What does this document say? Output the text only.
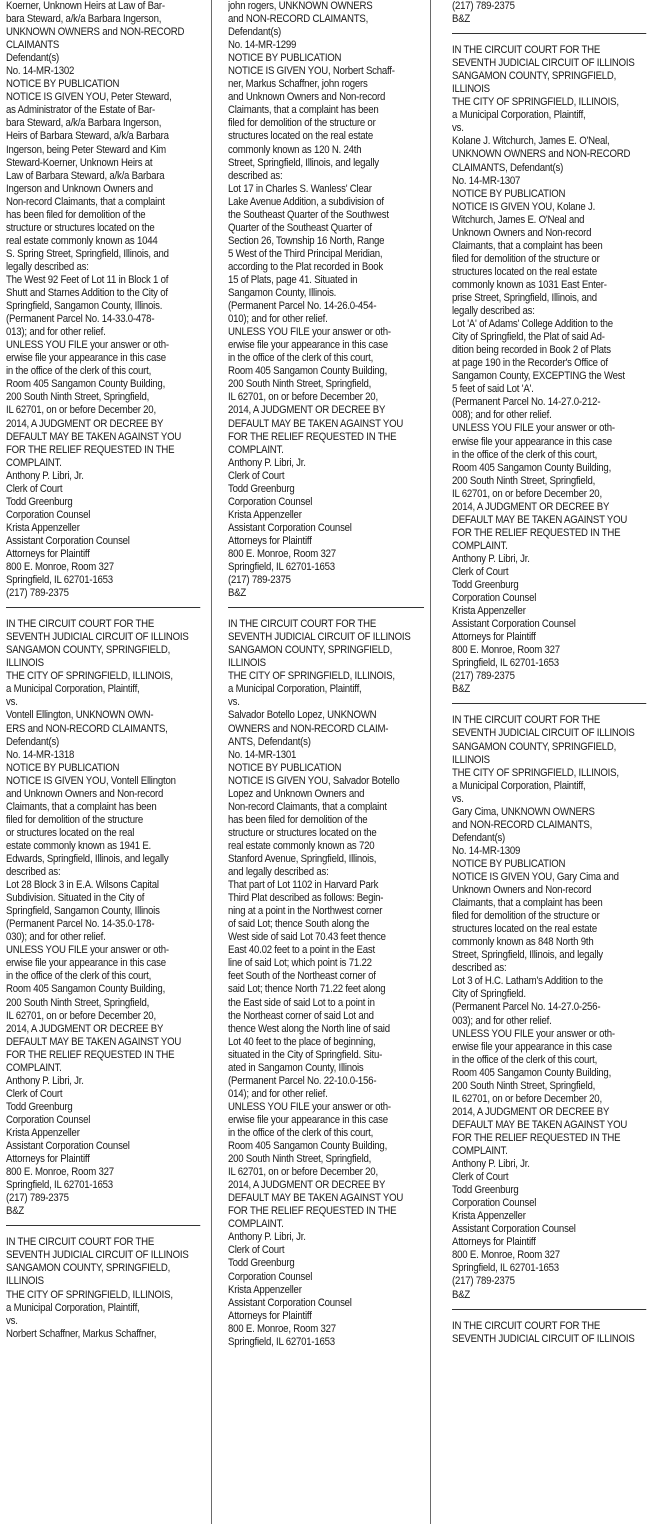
Koerner, Unknown Heirs at Law of Bar-
bara Steward, a/k/a Barbara Ingerson,
UNKNOWN OWNERS and NON-RECORD
CLAIMANTS
Defendant(s)
No. 14-MR-1302
NOTICE BY PUBLICATION
NOTICE IS GIVEN YOU, Peter Steward,
as Administrator of the Estate of Bar-
bara Steward, a/k/a Barbara Ingerson,
Heirs of Barbara Steward, a/k/a Barbara
Ingerson, being Peter Steward and Kim
Steward-Koerner, Unknown Heirs at
Law of Barbara Steward, a/k/a Barbara
Ingerson and Unknown Owners and
Non-record Claimants, that a complaint
has been filed for demolition of the
structure or structures located on the
real estate commonly known as 1044
S. Spring Street, Springfield, Illinois, and
legally described as:
The West 92 Feet of Lot 11 in Block 1 of
Shutt and Starnes Addition to the City of
Springfield, Sangamon County, Illinois.
(Permanent Parcel No. 14-33.0-478-
013); and for other relief.
UNLESS YOU FILE your answer or oth-
erwise file your appearance in this case
in the office of the clerk of this court,
Room 405 Sangamon County Building,
200 South Ninth Street, Springfield,
IL 62701, on or before December 20,
2014, A JUDGMENT OR DECREE BY
DEFAULT MAY BE TAKEN AGAINST YOU
FOR THE RELIEF REQUESTED IN THE
COMPLAINT.
Anthony P. Libri, Jr.
Clerk of Court
Todd Greenburg
Corporation Counsel
Krista Appenzeller
Assistant Corporation Counsel
Attorneys for Plaintiff
800 E. Monroe, Room 327
Springfield, IL 62701-1653
(217) 789-2375
IN THE CIRCUIT COURT FOR THE
SEVENTH JUDICIAL CIRCUIT OF ILLINOIS
SANGAMON COUNTY, SPRINGFIELD,
ILLINOIS
THE CITY OF SPRINGFIELD, ILLINOIS,
a Municipal Corporation, Plaintiff,
vs.
Vontell Ellington, UNKNOWN OWN-
ERS and NON-RECORD CLAIMANTS,
Defendant(s)
No. 14-MR-1318
NOTICE BY PUBLICATION
NOTICE IS GIVEN YOU, Vontell Ellington
and Unknown Owners and Non-record
Claimants, that a complaint has been
filed for demolition of the structure
or structures located on the real
estate commonly known as 1941 E.
Edwards, Springfield, Illinois, and legally
described as:
Lot 28 Block 3 in E.A. Wilsons Capital
Subdivision. Situated in the City of
Springfield, Sangamon County, Illinois
(Permanent Parcel No. 14-35.0-178-
030); and for other relief.
UNLESS YOU FILE your answer or oth-
erwise file your appearance in this case
in the office of the clerk of this court,
Room 405 Sangamon County Building,
200 South Ninth Street, Springfield,
IL 62701, on or before December 20,
2014, A JUDGMENT OR DECREE BY
DEFAULT MAY BE TAKEN AGAINST YOU
FOR THE RELIEF REQUESTED IN THE
COMPLAINT.
Anthony P. Libri, Jr.
Clerk of Court
Todd Greenburg
Corporation Counsel
Krista Appenzeller
Assistant Corporation Counsel
Attorneys for Plaintiff
800 E. Monroe, Room 327
Springfield, IL 62701-1653
(217) 789-2375
B&Z
IN THE CIRCUIT COURT FOR THE
SEVENTH JUDICIAL CIRCUIT OF ILLINOIS
SANGAMON COUNTY, SPRINGFIELD,
ILLINOIS
THE CITY OF SPRINGFIELD, ILLINOIS,
a Municipal Corporation, Plaintiff,
vs.
Norbert Schaffner, Markus Schaffner,
john rogers, UNKNOWN OWNERS
and NON-RECORD CLAIMANTS,
Defendant(s)
No. 14-MR-1299
NOTICE BY PUBLICATION
NOTICE IS GIVEN YOU, Norbert Schaff-
ner, Markus Schaffner, john rogers
and Unknown Owners and Non-record
Claimants, that a complaint has been
filed for demolition of the structure or
structures located on the real estate
commonly known as 120 N. 24th
Street, Springfield, Illinois, and legally
described as:
Lot 17 in Charles S. Wanless' Clear
Lake Avenue Addition, a subdivision of
the Southeast Quarter of the Southwest
Quarter of the Southeast Quarter of
Section 26, Township 16 North, Range
5 West of the Third Principal Meridian,
according to the Plat recorded in Book
15 of Plats, page 41. Situated in
Sangamon County, Illinois.
(Permanent Parcel No. 14-26.0-454-
010); and for other relief.
UNLESS YOU FILE your answer or oth-
erwise file your appearance in this case
in the office of the clerk of this court,
Room 405 Sangamon County Building,
200 South Ninth Street, Springfield,
IL 62701, on or before December 20,
2014, A JUDGMENT OR DECREE BY
DEFAULT MAY BE TAKEN AGAINST YOU
FOR THE RELIEF REQUESTED IN THE
COMPLAINT.
Anthony P. Libri, Jr.
Clerk of Court
Todd Greenburg
Corporation Counsel
Krista Appenzeller
Assistant Corporation Counsel
Attorneys for Plaintiff
800 E. Monroe, Room 327
Springfield, IL 62701-1653
(217) 789-2375
B&Z
IN THE CIRCUIT COURT FOR THE
SEVENTH JUDICIAL CIRCUIT OF ILLINOIS
SANGAMON COUNTY, SPRINGFIELD,
ILLINOIS
THE CITY OF SPRINGFIELD, ILLINOIS,
a Municipal Corporation, Plaintiff,
vs.
Salvador Botello Lopez, UNKNOWN
OWNERS and NON-RECORD CLAIM-
ANTS, Defendant(s)
No. 14-MR-1301
NOTICE BY PUBLICATION
NOTICE IS GIVEN YOU, Salvador Botello
Lopez and Unknown Owners and
Non-record Claimants, that a complaint
has been filed for demolition of the
structure or structures located on the
real estate commonly known as 720
Stanford Avenue, Springfield, Illinois,
and legally described as:
That part of Lot 1102 in Harvard Park
Third Plat described as follows: Begin-
ning at a point in the Northwest corner
of said Lot; thence South along the
West side of said Lot 70.43 feet thence
East 40.02 feet to a point in the East
line of said Lot; which point is 71.22
feet South of the Northeast corner of
said Lot; thence North 71.22 feet along
the East side of said Lot to a point in
the Northeast corner of said Lot and
thence West along the North line of said
Lot 40 feet to the place of beginning,
situated in the City of Springfield. Situ-
ated in Sangamon County, Illinois
(Permanent Parcel No. 22-10.0-156-
014); and for other relief.
UNLESS YOU FILE your answer or oth-
erwise file your appearance in this case
in the office of the clerk of this court,
Room 405 Sangamon County Building,
200 South Ninth Street, Springfield,
IL 62701, on or before December 20,
2014, A JUDGMENT OR DECREE BY
DEFAULT MAY BE TAKEN AGAINST YOU
FOR THE RELIEF REQUESTED IN THE
COMPLAINT.
Anthony P. Libri, Jr.
Clerk of Court
Todd Greenburg
Corporation Counsel
Krista Appenzeller
Assistant Corporation Counsel
Attorneys for Plaintiff
800 E. Monroe, Room 327
Springfield, IL 62701-1653
(217) 789-2375
B&Z
IN THE CIRCUIT COURT FOR THE
SEVENTH JUDICIAL CIRCUIT OF ILLINOIS
SANGAMON COUNTY, SPRINGFIELD,
ILLINOIS
THE CITY OF SPRINGFIELD, ILLINOIS,
a Municipal Corporation, Plaintiff,
vs.
Kolane J. Witchurch, James E. O'Neal,
UNKNOWN OWNERS and NON-RECORD
CLAIMANTS, Defendant(s)
No. 14-MR-1307
NOTICE BY PUBLICATION
NOTICE IS GIVEN YOU, Kolane J.
Witchurch, James E. O'Neal and
Unknown Owners and Non-record
Claimants, that a complaint has been
filed for demolition of the structure or
structures located on the real estate
commonly known as 1031 East Enter-
prise Street, Springfield, Illinois, and
legally described as:
Lot 'A' of Adams' College Addition to the
City of Springfield, the Plat of said Ad-
dition being recorded in Book 2 of Plats
at page 190 in the Recorder's Office of
Sangamon County, EXCEPTING the West
5 feet of said Lot 'A'.
(Permanent Parcel No. 14-27.0-212-
008); and for other relief.
UNLESS YOU FILE your answer or oth-
erwise file your appearance in this case
in the office of the clerk of this court,
Room 405 Sangamon County Building,
200 South Ninth Street, Springfield,
IL 62701, on or before December 20,
2014, A JUDGMENT OR DECREE BY
DEFAULT MAY BE TAKEN AGAINST YOU
FOR THE RELIEF REQUESTED IN THE
COMPLAINT.
Anthony P. Libri, Jr.
Clerk of Court
Todd Greenburg
Corporation Counsel
Krista Appenzeller
Assistant Corporation Counsel
Attorneys for Plaintiff
800 E. Monroe, Room 327
Springfield, IL 62701-1653
(217) 789-2375
B&Z
IN THE CIRCUIT COURT FOR THE
SEVENTH JUDICIAL CIRCUIT OF ILLINOIS
SANGAMON COUNTY, SPRINGFIELD,
ILLINOIS
THE CITY OF SPRINGFIELD, ILLINOIS,
a Municipal Corporation, Plaintiff,
vs.
Gary Cima, UNKNOWN OWNERS
and NON-RECORD CLAIMANTS,
Defendant(s)
No. 14-MR-1309
NOTICE BY PUBLICATION
NOTICE IS GIVEN YOU, Gary Cima and
Unknown Owners and Non-record
Claimants, that a complaint has been
filed for demolition of the structure or
structures located on the real estate
commonly known as 848 North 9th
Street, Springfield, Illinois, and legally
described as:
Lot 3 of H.C. Latham's Addition to the
City of Springfield.
(Permanent Parcel No. 14-27.0-256-
003); and for other relief.
UNLESS YOU FILE your answer or oth-
erwise file your appearance in this case
in the office of the clerk of this court,
Room 405 Sangamon County Building,
200 South Ninth Street, Springfield,
IL 62701, on or before December 20,
2014, A JUDGMENT OR DECREE BY
DEFAULT MAY BE TAKEN AGAINST YOU
FOR THE RELIEF REQUESTED IN THE
COMPLAINT.
Anthony P. Libri, Jr.
Clerk of Court
Todd Greenburg
Corporation Counsel
Krista Appenzeller
Assistant Corporation Counsel
Attorneys for Plaintiff
800 E. Monroe, Room 327
Springfield, IL 62701-1653
(217) 789-2375
B&Z
IN THE CIRCUIT COURT FOR THE
SEVENTH JUDICIAL CIRCUIT OF ILLINOIS
